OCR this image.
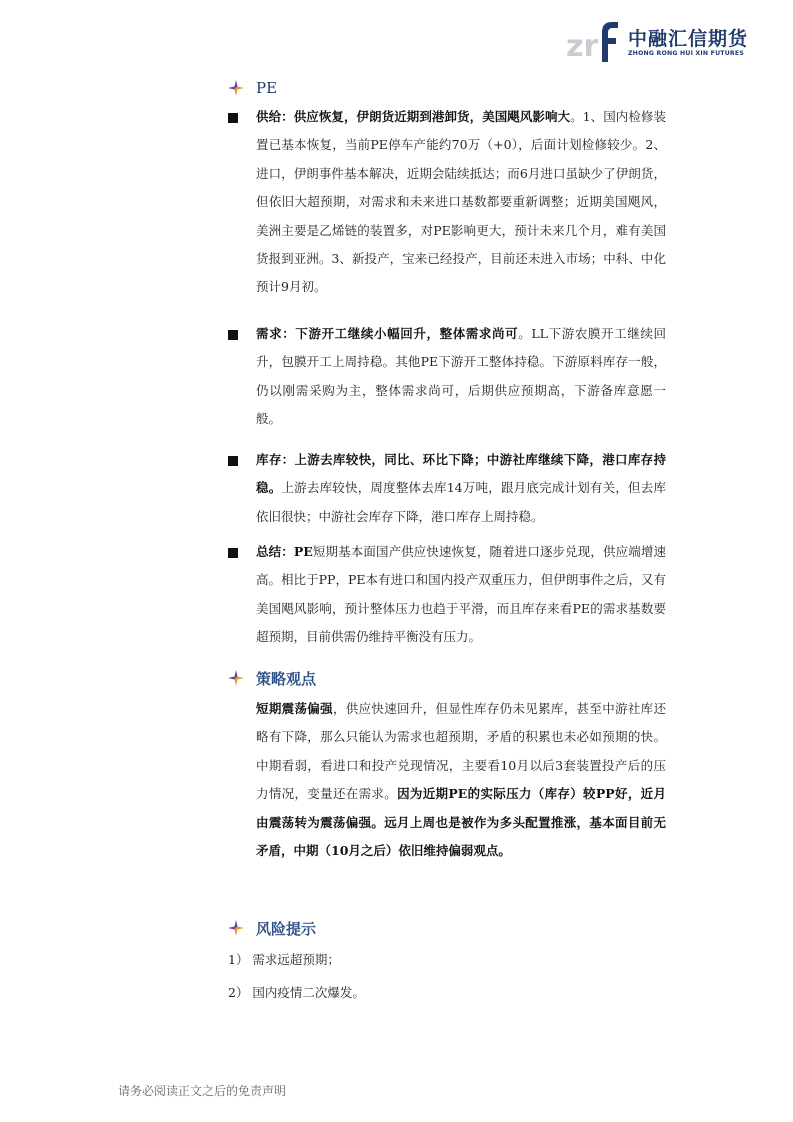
zr 中融汇信期货
ZHONG RONG HUI XIN FUTURES
PE
供给：供应恢复，伊朗货近期到港卸货，美国飓风影响大。1、国内检修装置已基本恢复，当前PE停车产能约70万（+0），后面计划检修较少。2、进口，伊朗事件基本解决，近期会陆续抵达；而6月进口虽缺少了伊朗货，但依旧大超预期，对需求和未来进口基数都要重新调整；近期美国飓风，美洲主要是乙烯链的装置多，对PE影响更大，预计未来几个月，难有美国货报到亚洲。3、新投产，宝来已经投产，目前还未进入市场；中科、中化预计9月初。
需求：下游开工继续小幅回升，整体需求尚可。LL下游农膜开工继续回升，包膜开工上周持稳。其他PE下游开工整体持稳。下游原料库存一般，仍以刚需采购为主，整体需求尚可，后期供应预期高，下游备库意愿一般。
库存：上游去库较快，同比、环比下降；中游社库继续下降，港口库存持稳。上游去库较快，周度整体去库14万吨，跟月底完成计划有关，但去库依旧很快；中游社会库存下降，港口库存上周持稳。
总结：PE短期基本面国产供应快速恢复，随着进口逐步兑现，供应端增速高。相比于PP，PE本有进口和国内投产双重压力，但伊朗事件之后，又有美国飓风影响，预计整体压力也趋于平滑，而且库存来看PE的需求基数要超预期，目前供需仍维持平衡没有压力。
策略观点
短期震荡偏强，供应快速回升，但显性库存仍未见累库，甚至中游社库还略有下降，那么只能认为需求也超预期，矛盾的积累也未必如预期的快。中期看弱，看进口和投产兑现情况，主要看10月以后3套装置投产后的压力情况，变量还在需求。因为近期PE的实际压力（库存）较PP好，近月由震荡转为震荡偏强。远月上周也是被作为多头配置推涨，基本面目前无矛盾，中期（10月之后）依旧维持偏弱观点。
风险提示
1） 需求远超预期；
2） 国内疫情二次爆发。
请务必阅读正文之后的免责声明
